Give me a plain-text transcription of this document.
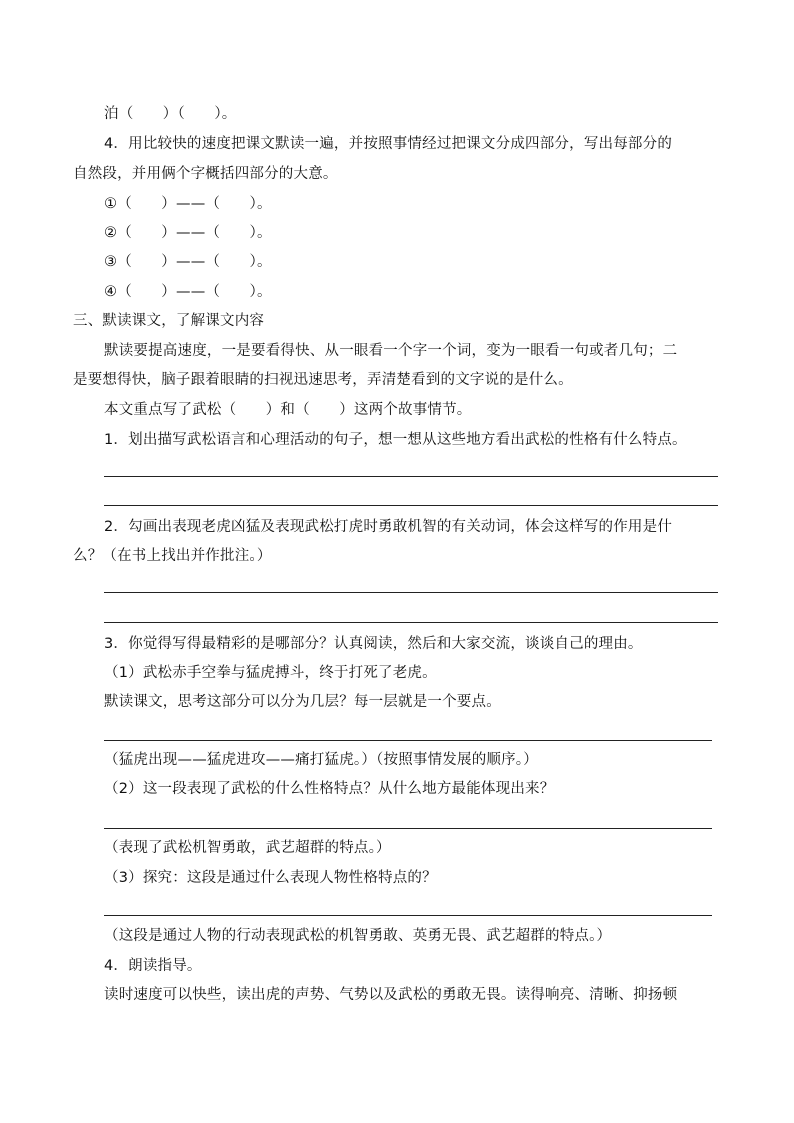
泊（　　）（　　）。
4．用比较快的速度把课文默读一遍，并按照事情经过把课文分成四部分，写出每部分的
自然段，并用俩个字概括四部分的大意。
①（　　）——（　　）。
②（　　）——（　　）。
③（　　）——（　　）。
④（　　）——（　　）。
三、默读课文，了解课文内容
默读要提高速度，一是要看得快、从一眼看一个字一个词，变为一眼看一句或者几句；二
是要想得快，脑子跟着眼睛的扫视迅速思考，弄清楚看到的文字说的是什么。
本文重点写了武松（　　）和（　　）这两个故事情节。
1．划出描写武松语言和心理活动的句子，想一想从这些地方看出武松的性格有什么特点。
2．勾画出表现老虎凶猛及表现武松打虎时勇敢机智的有关动词，体会这样写的作用是什
么？（在书上找出并作批注。）
3．你觉得写得最精彩的是哪部分？认真阅读，然后和大家交流，谈谈自己的理由。
（1）武松赤手空拳与猛虎搏斗，终于打死了老虎。
默读课文，思考这部分可以分为几层？每一层就是一个要点。
（猛虎出现——猛虎进攻——痛打猛虎。）（按照事情发展的顺序。）
（2）这一段表现了武松的什么性格特点？从什么地方最能体现出来？
（表现了武松机智勇敢，武艺超群的特点。）
（3）探究：这段是通过什么表现人物性格特点的？
（这段是通过人物的行动表现武松的机智勇敢、英勇无畏、武艺超群的特点。）
4．朗读指导。
读时速度可以快些，读出虎的声势、气势以及武松的勇敢无畏。读得响亮、清晰、抑扬顿
